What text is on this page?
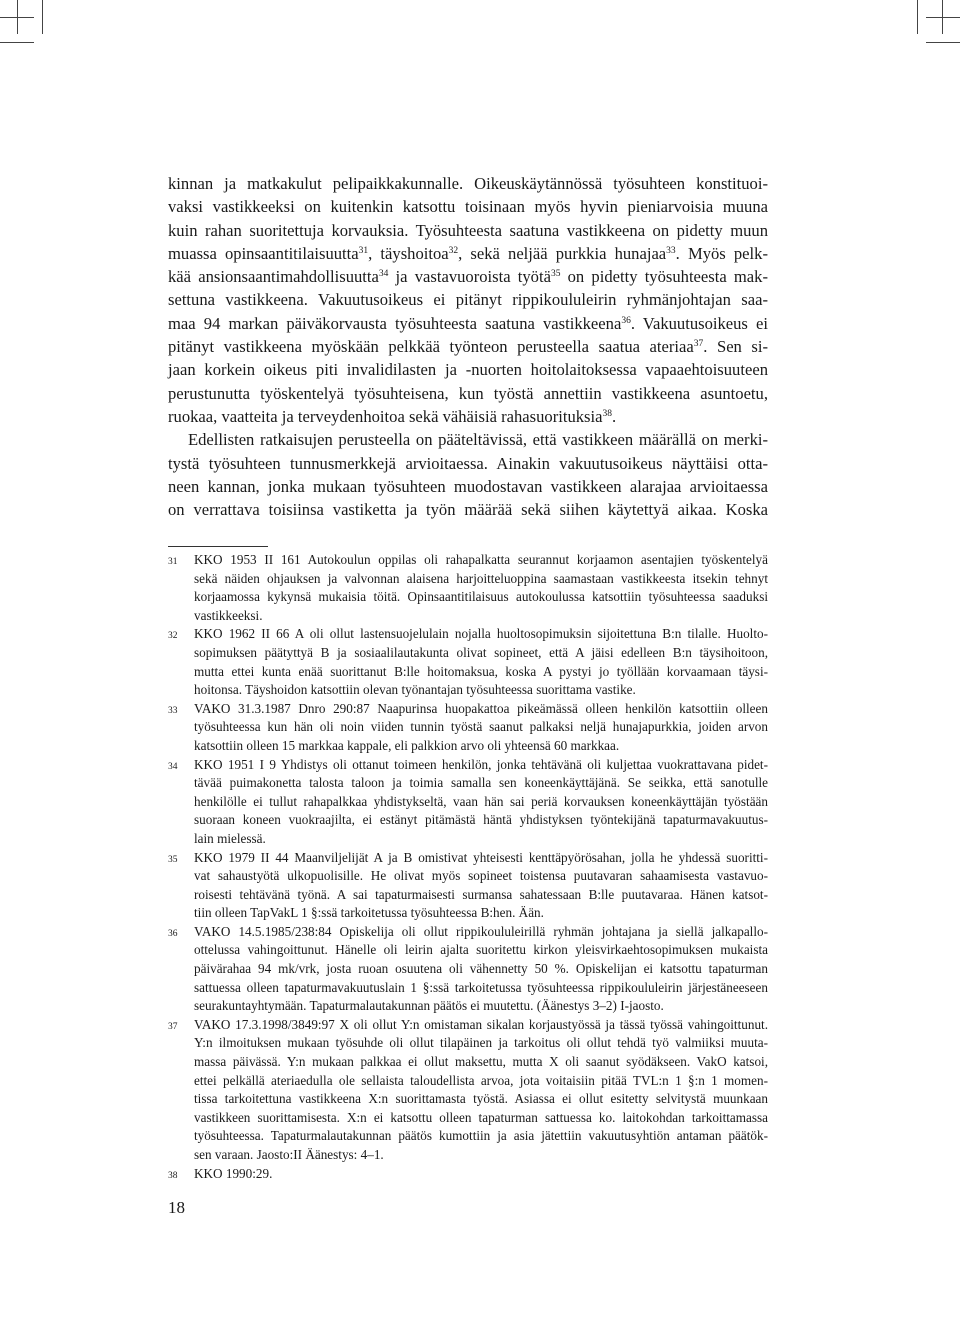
kinnan ja matkakulut pelipaikkakunnalle. Oikeuskäytännössä työsuhteen konstituoi-
vaksi vastikkeeksi on kuitenkin katsottu toisinaan myös hyvin pieniarvoisia muuna
kuin rahan suoritettuja korvauksia. Työsuhteesta saatuna vastikkeena on pidetty muun
muassa opinsaantitilaisuutta$^{31}$, täyshoitoa$^{32}$, sekä neljää purkkia hunajaa$^{33}$. Myös pelk-
kää ansionsaantimahdollisuutta$^{34}$ ja vastavuoroista työtä$^{35}$ on pidetty työsuhteesta mak-
settuna vastikkeena. Vakuutusoikeus ei pitänyt rippikoululeirin ryhmänjohtajan saa-
maa 94 markan päiväkorvausta työsuhteesta saatuna vastikkeena$^{36}$. Vakuutusoikeus ei
pitänyt vastikkeena myöskään pelkkää työnteon perusteella saatua ateriaa$^{37}$. Sen si-
jaan korkein oikeus piti invalidilasten ja -nuorten hoitolaitoksessa vapaaehtoisuuteen
perustunutta työskentelyä työsuhteisena, kun työstä annettiin vastikkeena asuntoetu,
ruokaa, vaatteita ja terveydenhoitoa sekä vähäisiä rahasuorituksia$^{38}$.
Edellisten ratkaisujen perusteella on pääteltävissä, että vastikkeen määrällä on merki-
tystä työsuhteen tunnusmerkkejä arvioitaessa. Ainakin vakuutusoikeus näyttäisi otta-
neen kannan, jonka mukaan työsuhteen muodostavan vastikkeen alarajaa arvioitaessa
on verrattava toisiinsa vastiketta ja työn määrää sekä siihen käytettyä aikaa. Koska
31	KKO 1953 II 161 Autokoulun oppilas oli rahapalkatta seurannut korjaamon asentajien työskentelyä
sekä näiden ohjauksen ja valvonnan alaisena harjoitteluoppina saamastaan vastikkeesta itsekin tehnyt
korjaamossa kykynsä mukaisia töitä. Opinsaantitilaisuus autokoulussa katsottiin työsuhteessa saaduksi
vastikkeeksi.
32	KKO 1962 II 66 A oli ollut lastensuojelulain nojalla huoltosopimuksin sijoitettuna B:n tilalle. Huolto-
sopimuksen päätyttyä B ja sosiaalilautakunta olivat sopineet, että A jäisi edelleen B:n täysihoitoon,
mutta ettei kunta enää suorittanut B:lle hoitomaksua, koska A pystyi jo työllään korvaamaan täysi-
hoitonsa. Täyshoidon katsottiin olevan työnantajan työsuhteessa suorittama vastike.
33	VAKO 31.3.1987 Dnro 290:87 Naapurinsa huopakattoa pikeämässä olleen henkilön katsottiin olleen
työsuhteessa kun hän oli noin viiden tunnin työstä saanut palkaksi neljä hunajapurkkia, joiden arvon
katsottiin olleen 15 markkaa kappale, eli palkkion arvo oli yhteensä 60 markkaa.
34	KKO 1951 I 9 Yhdistys oli ottanut toimeen henkilön, jonka tehtävänä oli kuljettaa vuokrattavana pidet-
tävää puimakonetta talosta taloon ja toimia samalla sen koneenkäyttäjänä. Se seikka, että sanotulle
henkilölle ei tullut rahapalkkaa yhdistykseltä, vaan hän sai periä korvauksen koneenkäyttäjän työstään
suoraan koneen vuokraajilta, ei estänyt pitämästä häntä yhdistyksen työntekijänä tapaturmavakuutus-
lain mielessä.
35	KKO 1979 II 44 Maanviljelijät A ja B omistivat yhteisesti kenttäpyörösahan, jolla he yhdessä suoritti-
vat sahaustyötä ulkopuolisille. He olivat myös sopineet toistensa puutavaran sahaamisesta vastavuo-
roisesti tehtävänä työnä. A sai tapaturmaisesti surmansa sahatessaan B:lle puutavaraa. Hänen katsot-
tiin olleen TapVakL 1 §:ssä tarkoitetussa työsuhteessa B:hen. Ään.
36	VAKO 14.5.1985/238:84 Opiskelija oli ollut rippikoululeirillä ryhmän johtajana ja siellä jalkapallo-
ottelussa vahingoittunut. Hänelle oli leirin ajalta suoritettu kirkon yleisvirkaehtosopimuksen mukaista
päivärahaa 94 mk/vrk, josta ruoan osuutena oli vähennetty 50 %. Opiskelijan ei katsottu tapaturman
sattuessa olleen tapaturmavakuutuslain 1 §:ssä tarkoitetussa työsuhteessa rippikoululeirin järjestäneeseen
seurakuntayhtymään. Tapaturmalautakunnan päätös ei muutettu. (Äänestys 3–2) I-jaosto.
37	VAKO 17.3.1998/3849:97 X oli ollut Y:n omistaman sikalan korjaustyössä ja tässä työssä vahingoittunut.
Y:n ilmoituksen mukaan työsuhde oli ollut tilapäinen ja tarkoitus oli ollut tehdä työ valmiiksi muuta-
massa päivässä. Y:n mukaan palkkaa ei ollut maksettu, mutta X oli saanut syödäkseen. VakO katsoi,
ettei pelkällä ateriaedulla ole sellaista taloudellista arvoa, jota voitaisiin pitää TVL:n 1 §:n 1 momen-
tissa tarkoitettuna vastikkeena X:n suorittamasta työstä. Asiassa ei ollut esitetty selvitystä muunkaan
vastikkeen suorittamisesta. X:n ei katsottu olleen tapaturman sattuessa ko. laitokohdan tarkoittamassa
työsuhteessa. Tapaturmalautakunnan päätös kumottiin ja asia jätettiin vakuutusyhtiön antaman päätök-
sen varaan. Jaosto:II Äänestys: 4–1.
38	KKO 1990:29.
18
